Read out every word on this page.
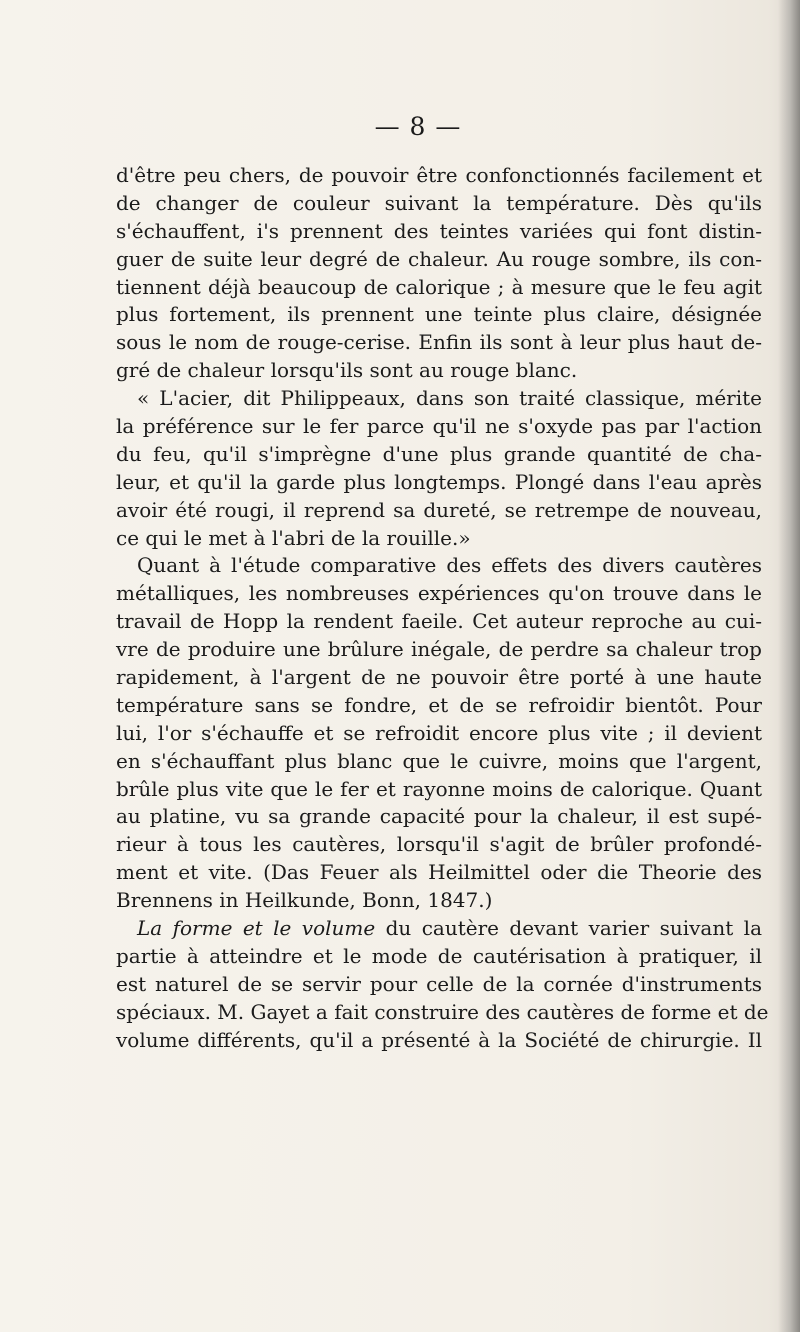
— 8 —
d'être peu chers, de pouvoir être confonctionnés facilement et
de changer de couleur suivant la température. Dès qu'ils
s'échauffent, i's prennent des teintes variées qui font distin-
guer de suite leur degré de chaleur. Au rouge sombre, ils con-
tiennent déjà beaucoup de calorique ; à mesure que le feu agit
plus fortement, ils prennent une teinte plus claire, désignée
sous le nom de rouge-cerise. Enfin ils sont à leur plus haut de-
gré de chaleur lorsqu'ils sont au rouge blanc.
« L'acier, dit Philippeaux, dans son traité classique, mérite
la préférence sur le fer parce qu'il ne s'oxyde pas par l'action
du feu, qu'il s'imprègne d'une plus grande quantité de cha-
leur, et qu'il la garde plus longtemps. Plongé dans l'eau après
avoir été rougi, il reprend sa dureté, se retrempe de nouveau,
ce qui le met à l'abri de la rouille.»
Quant à l'étude comparative des effets des divers cautères
métalliques, les nombreuses expériences qu'on trouve dans le
travail de Hopp la rendent faeile. Cet auteur reproche au cui-
vre de produire une brûlure inégale, de perdre sa chaleur trop
rapidement, à l'argent de ne pouvoir être porté à une haute
température sans se fondre, et de se refroidir bientôt. Pour
lui, l'or s'échauffe et se refroidit encore plus vite ; il devient
en s'échauffant plus blanc que le cuivre, moins que l'argent,
brûle plus vite que le fer et rayonne moins de calorique. Quant
au platine, vu sa grande capacité pour la chaleur, il est supé-
rieur à tous les cautères, lorsqu'il s'agit de brûler profondé-
ment et vite. (Das Feuer als Heilmittel oder die Theorie des
Brennens in Heilkunde, Bonn, 1847.)
La forme et le volume du cautère devant varier suivant la
partie à atteindre et le mode de cautérisation à pratiquer, il
est naturel de se servir pour celle de la cornée d'instruments
spéciaux. M. Gayet a fait construire des cautères de forme et de
volume différents, qu'il a présenté à la Société de chirurgie. Il
